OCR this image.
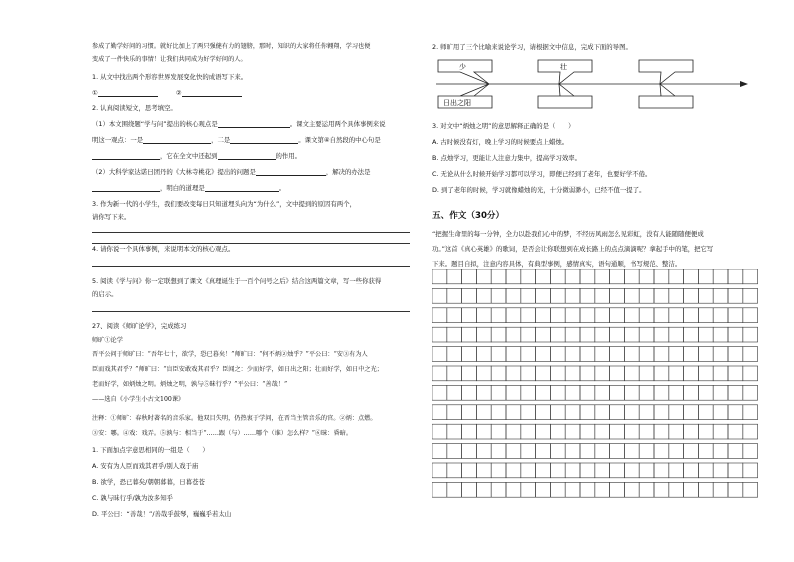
参成了勤学好问的习惯。就好比加上了两只强健有力的翅膀，那时，知识的大家将任你翱翔，学习也便
变成了一件快乐的事情！让我们共同成为好学好问的人。
1. 从文中找出两个形容世界发展变化快的成语写下来。
①	②
2. 认真阅读短文，思考填空。
（1）本文围绕题“学与问”提出的核心观点是	。课文主要运用两个具体事例来说
明这一观点：一是	，二是	。课文第④自然段的中心句是
，它在全文中还起到	的作用。
（2）大科学家达诺曰团丹的《大林寺桃花》提出的问题是	，解决的办法是
，明白的道理是	。
3. 作为新一代的小学生，我们要改变每日只知道埋头向为“为什么”，文中提到的原因有两个，
请你写下来。
4. 请你说一个具体事例，来说明本文的核心观点。
5. 阅读《学与问》你一定联想到了课文《真理诞生于一百个问号之后》结合这两篇文章，写一些你获得
的启示。
27、阅读《师旷论学》，完成练习
师旷①论学
晋平公问于师旷曰：“吾年七十，欲学，恐已暮矣！”师旷曰：“何不炳②烛乎？”平公曰：“安③有为人
臣而戏其君乎？”师旷曰：“盲臣安敢戏其君乎？臣闻之：少而好学，如日出之阳；壮而好学，如日中之光；
老而好学，如炳烛之明。炳烛之明，孰与⑤昧行乎？”平公曰：“善哉！”
——选自《小学生小古文100课》
注释：①师旷：春秋时著名的音乐家。他双目失明，仍热衷于学问，在晋当主管音乐的官。②炳：点燃。
③安：哪。④戏：戏弄。⑤孰与：相当于“……跟（与）……哪个（谁）怎么样？”⑥昧：昏暗。
1. 下面加点字意思相同的一组是（　　）
A. 安有为人臣而戏其君乎/别人戏于庙
B. 欲学，恐已暮矣/朝朝暮暮，日暮苍苍
C. 孰与昧行乎/孰为汝多知乎
D. 平公曰：“善哉！”/善哉乎鼓琴，巍巍乎若太山
2. 师旷用了三个比喻来说论学习，请根据文中信息，完成下面的导图。
少	壮
日出之阳
3. 对文中“炳烛之明”的意思解释正确的是（　　）
A. 古时候没有灯，晚上学习的时候要点上蜡烛。
B. 点烛学习，更能让人注意力集中，提高学习效率。
C. 无论从什么时候开始学习都可以学习，即便已经到了老年，也要好学不倦。
D. 到了老年的时候，学习就像蜡烛的光，十分微弱渺小，已经不值一提了。
五、作文（30分）
“把握生命里的每一分钟，全力以赴我们心中的梦，不经历风雨怎么见彩虹，没有人能随随便便成
功。”这首《真心英雄》的歌词，是否会让你联想到在成长路上的点点滴滴呢？拿起手中的笔，把它写
下来。题目自拟，注意内容具体，有典型事例，感情真实，语句通顺，书写规范、整洁。
